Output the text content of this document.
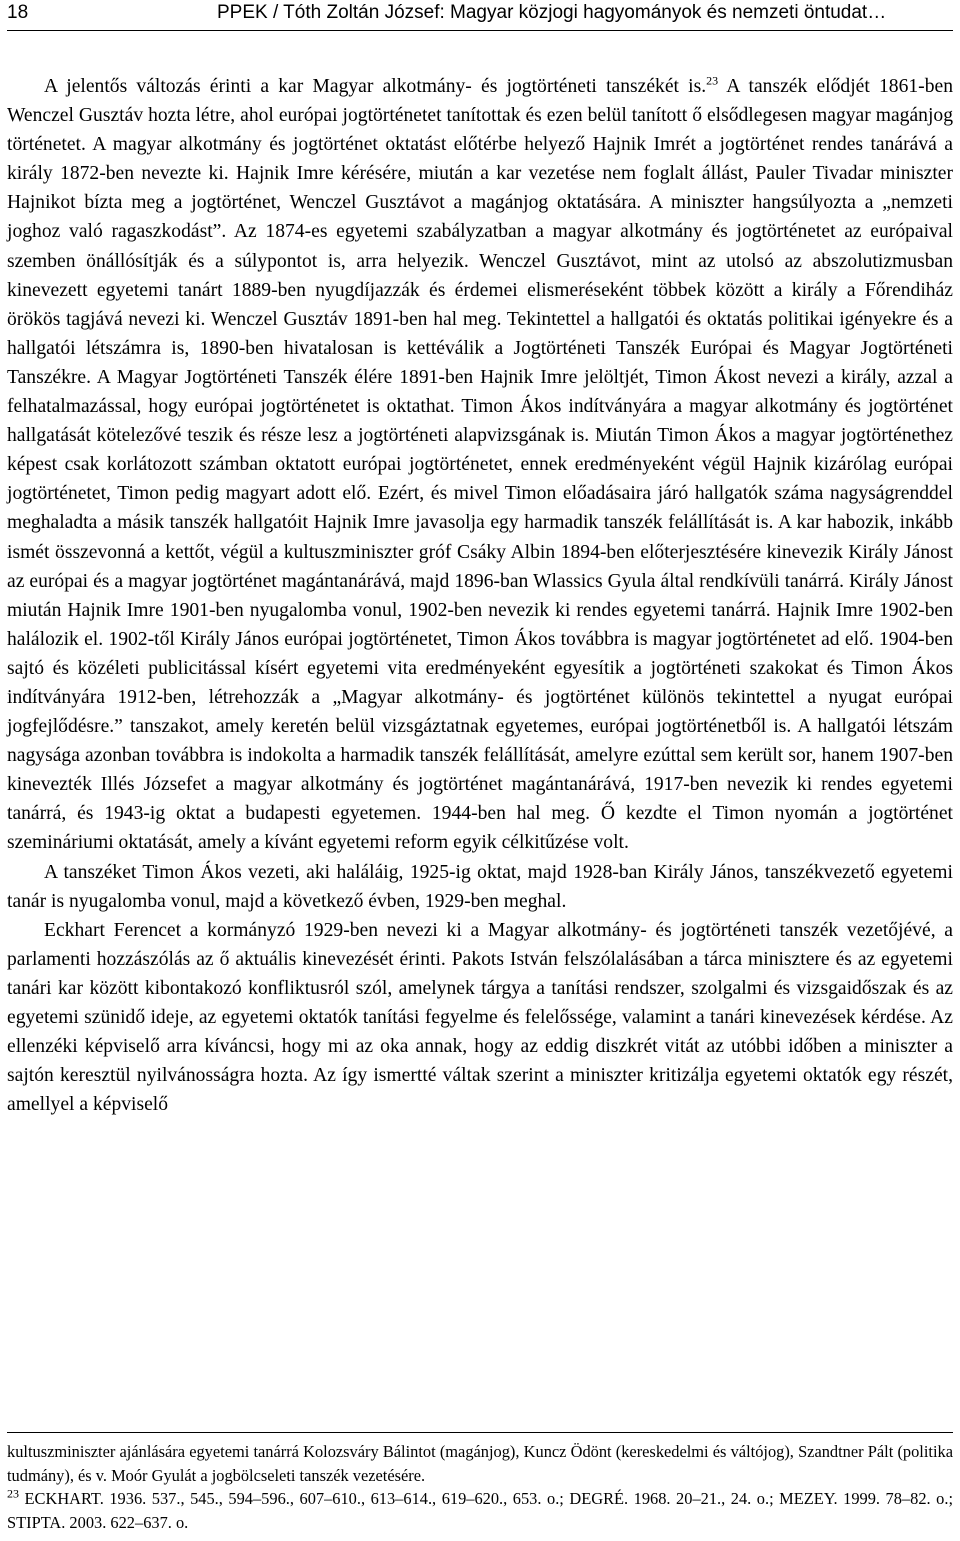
18	PPEK / Tóth Zoltán József: Magyar közjogi hagyományok és nemzeti öntudat…

A jelentős változás érinti a kar Magyar alkotmány- és jogtörténeti tanszékét is.$^{23}$ A tanszék elődjét 1861-ben Wenczel Gusztáv hozta létre, ahol európai jogtörténetet tanítottak és ezen belül tanított ő elsődlegesen magyar magánjog történetet. A magyar alkotmány és jogtörténet oktatást előtérbe helyező Hajnik Imrét a jogtörténet rendes tanárává a király 1872-ben nevezte ki. Hajnik Imre kérésére, miután a kar vezetése nem foglalt állást, Pauler Tivadar miniszter Hajnikot bízta meg a jogtörténet, Wenczel Gusztávot a magánjog oktatására. A miniszter hangsúlyozta a „nemzeti joghoz való ragaszkodást”. Az 1874-es egyetemi szabályzatban a magyar alkotmány és jogtörténetet az európaival szemben önállósítják és a súlypontot is, arra helyezik. Wenczel Gusztávot, mint az utolsó az abszolutizmusban kinevezett egyetemi tanárt 1889-ben nyugdíjazzák és érdemei elismeréseként többek között a király a Főrendiház örökös tagjává nevezi ki. Wenczel Gusztáv 1891-ben hal meg. Tekintettel a hallgatói és oktatás politikai igényekre és a hallgatói létszámra is, 1890-ben hivatalosan is kettéválik a Jogtörténeti Tanszék Európai és Magyar Jogtörténeti Tanszékre. A Magyar Jogtörténeti Tanszék élére 1891-ben Hajnik Imre jelöltjét, Timon Ákost nevezi a király, azzal a felhatalmazással, hogy európai jogtörténetet is oktathat. Timon Ákos indítványára a magyar alkotmány és jogtörténet hallgatását kötelezővé teszik és része lesz a jogtörténeti alapvizsgának is. Miután Timon Ákos a magyar jogtörténethez képest csak korlátozott számban oktatott európai jogtörténetet, ennek eredményeként végül Hajnik kizárólag európai jogtörténetet, Timon pedig magyart adott elő. Ezért, és mivel Timon előadásaira járó hallgatók száma nagyságrenddel meghaladta a másik tanszék hallgatóit Hajnik Imre javasolja egy harmadik tanszék felállítását is. A kar habozik, inkább ismét összevonná a kettőt, végül a kultuszminiszter gróf Csáky Albin 1894-ben előterjesztésére kinevezik Király Jánost az európai és a magyar jogtörténet magántanárává, majd 1896-ban Wlassics Gyula által rendkívüli tanárrá. Király Jánost miután Hajnik Imre 1901-ben nyugalomba vonul, 1902-ben nevezik ki rendes egyetemi tanárrá. Hajnik Imre 1902-ben halálozik el. 1902-től Király János európai jogtörténetet, Timon Ákos továbbra is magyar jogtörténetet ad elő. 1904-ben sajtó és közéleti publicitással kísért egyetemi vita eredményeként egyesítik a jogtörténeti szakokat és Timon Ákos indítványára 1912-ben, létrehozzák a „Magyar alkotmány- és jogtörténet különös tekintettel a nyugat európai jogfejlődésre.” tanszakot, amely keretén belül vizsgáztatnak egyetemes, európai jogtörténetből is. A hallgatói létszám nagysága azonban továbbra is indokolta a harmadik tanszék felállítását, amelyre ezúttal sem került sor, hanem 1907-ben kinevezték Illés Józsefet a magyar alkotmány és jogtörténet magántanárává, 1917-ben nevezik ki rendes egyetemi tanárrá, és 1943-ig oktat a budapesti egyetemen. 1944-ben hal meg. Ő kezdte el Timon nyomán a jogtörténet szemináriumi oktatását, amely a kívánt egyetemi reform egyik célkitűzése volt.

A tanszéket Timon Ákos vezeti, aki haláláig, 1925-ig oktat, majd 1928-ban Király János, tanszékvezető egyetemi tanár is nyugalomba vonul, majd a következő évben, 1929-ben meghal.

Eckhart Ferencet a kormányzó 1929-ben nevezi ki a Magyar alkotmány- és jogtörténeti tanszék vezetőjévé, a parlamenti hozzászólás az ő aktuális kinevezését érinti. Pakots István felszólalásában a tárca minisztere és az egyetemi tanári kar között kibontakozó konfliktusról szól, amelynek tárgya a tanítási rendszer, szolgalmi és vizsgaidőszak és az egyetemi szünidő ideje, az egyetemi oktatók tanítási fegyelme és felelőssége, valamint a tanári kinevezések kérdése. Az ellenzéki képviselő arra kíváncsi, hogy mi az oka annak, hogy az eddig diszkrét vitát az utóbbi időben a miniszter a sajtón keresztül nyilvánosságra hozta. Az így ismertté váltak szerint a miniszter kritizálja egyetemi oktatók egy részét, amellyel a képviselő

kultuszminiszter ajánlására egyetemi tanárrá Kolozsváry Bálintot (magánjog), Kuncz Ödönt (kereskedelmi és váltójog), Szandtner Pált (politika tudmány), és v. Moór Gyulát a jogbölcseleti tanszék vezetésére.

$^{23}$ ECKHART. 1936. 537., 545., 594–596., 607–610., 613–614., 619–620., 653. o.; DEGRÉ. 1968. 20–21., 24. o.; MEZEY. 1999. 78–82. o.; STIPTA. 2003. 622–637. o.
